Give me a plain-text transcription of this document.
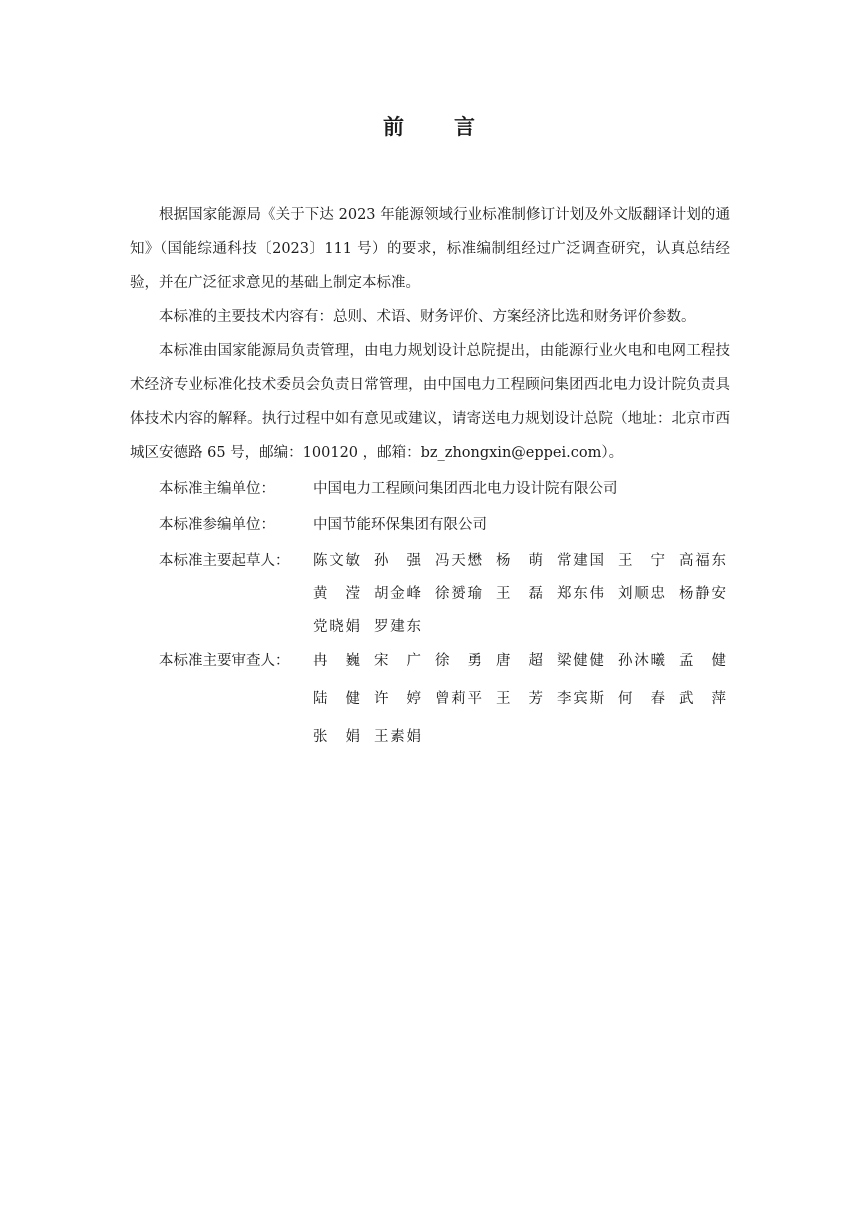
前 言

根据国家能源局《关于下达 2023 年能源领域行业标准制修订计划及外文版翻译计划的通知》（国能综通科技〔2023〕111 号）的要求，标准编制组经过广泛调查研究，认真总结经验，并在广泛征求意见的基础上制定本标准。

本标准的主要技术内容有：总则、术语、财务评价、方案经济比选和财务评价参数。

本标准由国家能源局负责管理，由电力规划设计总院提出，由能源行业火电和电网工程技术经济专业标准化技术委员会负责日常管理，由中国电力工程顾问集团西北电力设计院负责具体技术内容的解释。执行过程中如有意见或建议，请寄送电力规划设计总院（地址：北京市西城区安德路 65 号，邮编：100120 ，邮箱：bz_zhongxin@eppei.com）。

本标准主编单位：	中国电力工程顾问集团西北电力设计院有限公司
本标准参编单位：	中国节能环保集团有限公司
本标准主要起草人：	陈文敏 孙　强 冯天懋 杨　萌 常建国 王　宁 高福东
黄　滢 胡金峰 徐赟瑜 王　磊 郑东伟 刘顺忠 杨静安
党晓娟 罗建东
本标准主要审查人：	冉　巍 宋　广 徐　勇 唐　超 梁健健 孙沐曦 孟　健
陆　健 许　婷 曾莉平 王　芳 李宾斯 何　春 武　萍
张　娟 王素娟
